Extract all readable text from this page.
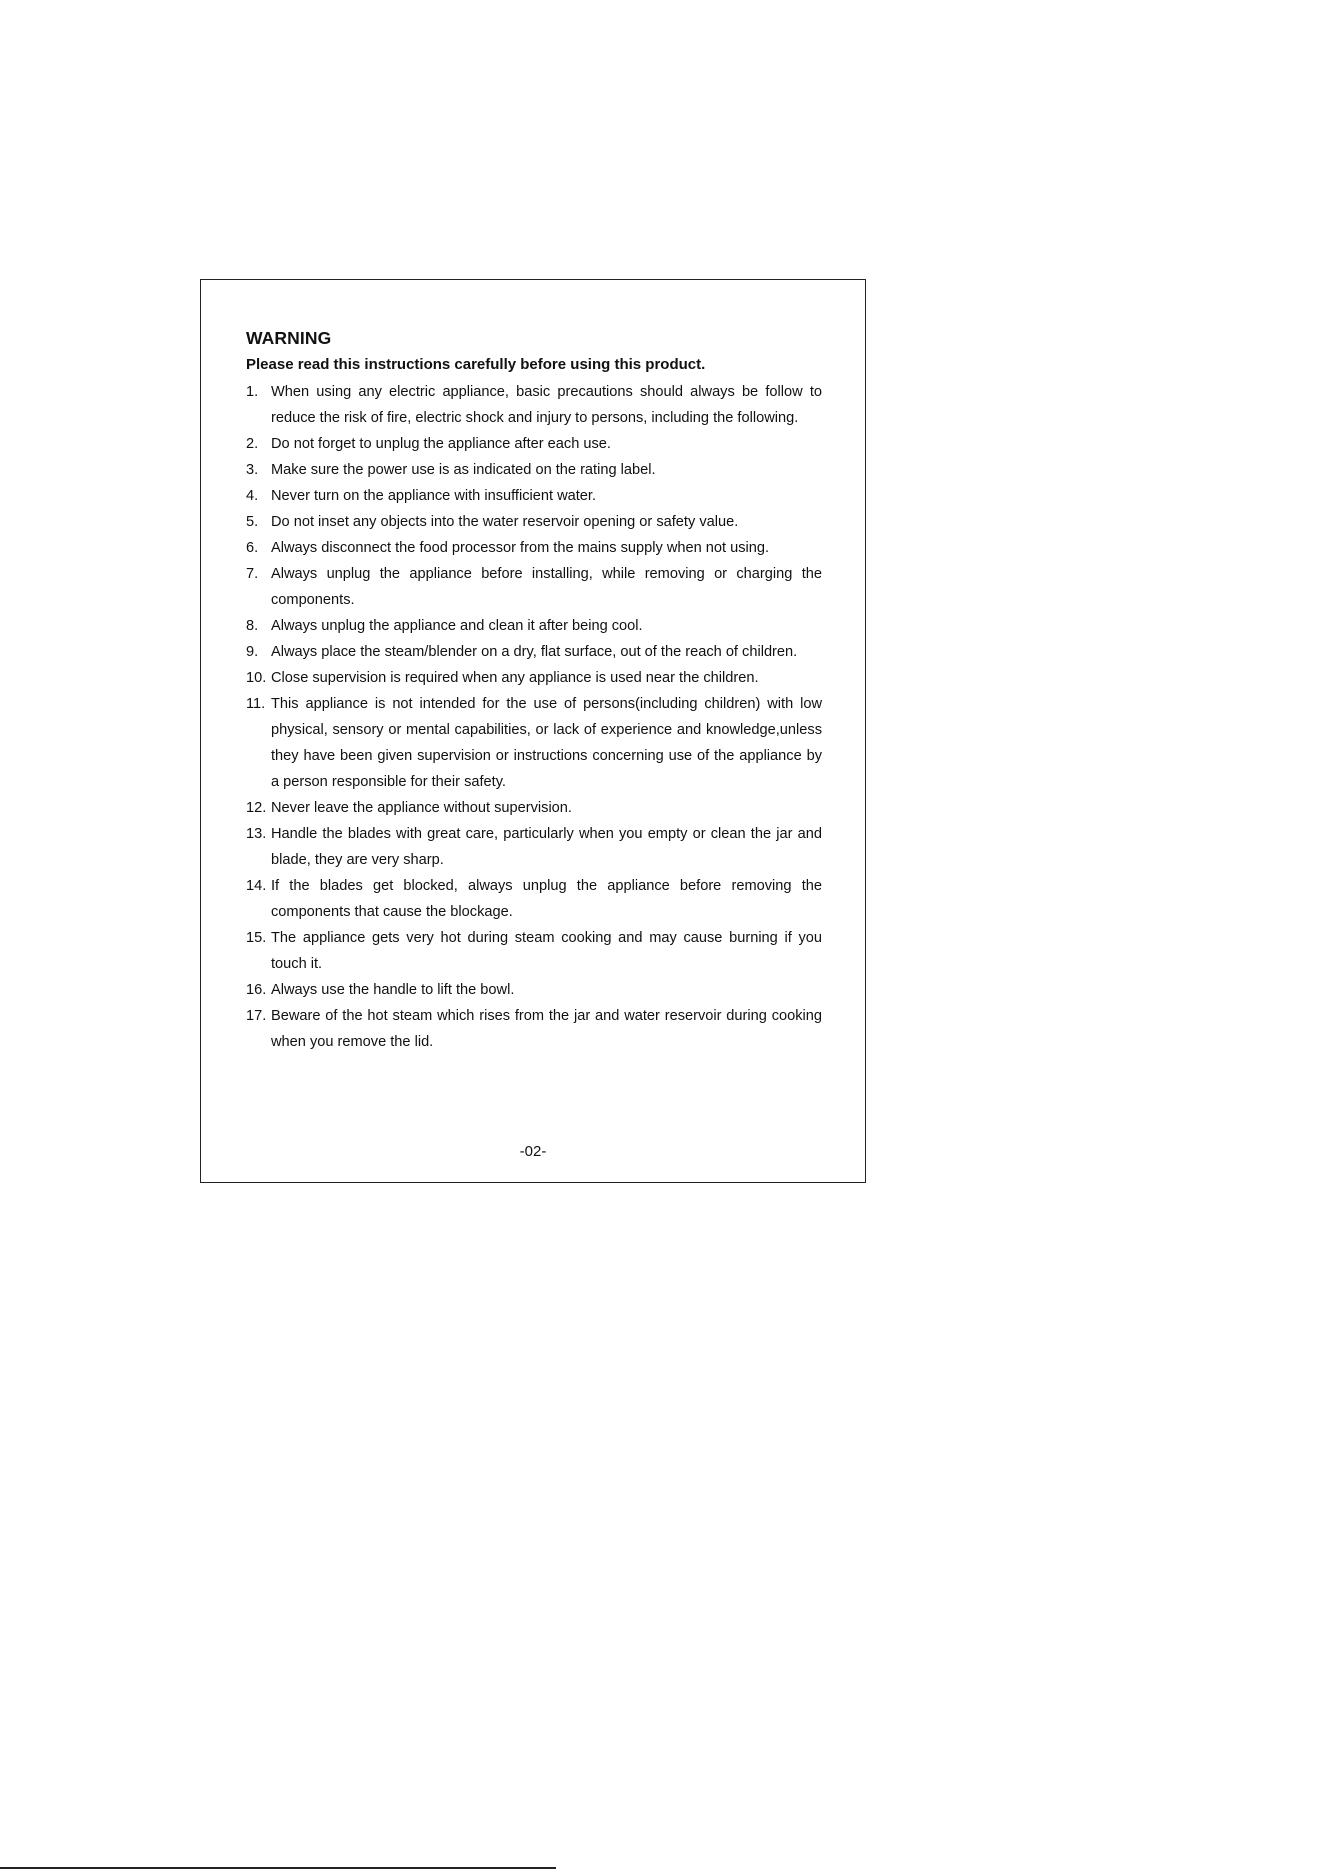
WARNING
Please read this instructions carefully before using this product.
1. When using any electric appliance, basic precautions should always be follow to reduce the risk of fire, electric shock and injury to persons, including the following.
2. Do not forget to unplug the appliance after each use.
3. Make sure the power use is as indicated on the rating label.
4. Never turn on the appliance with insufficient water.
5. Do not inset any objects into the water reservoir opening or safety value.
6. Always disconnect the food processor from the mains supply when not using.
7. Always unplug the appliance before installing, while removing or charging the components.
8. Always unplug the appliance and clean it after being cool.
9. Always place the steam/blender on a dry, flat surface, out of the reach of children.
10. Close supervision is required when any appliance is used near the children.
11. This appliance is not intended for the use of persons(including children) with low physical, sensory or mental capabilities, or lack of experience and knowledge,unless they have been given supervision or instructions concerning use of the appliance by a person responsible for their safety.
12. Never leave the appliance without supervision.
13. Handle the blades with great care, particularly when you empty or clean the jar and blade, they are very sharp.
14. If the blades get blocked, always unplug the appliance before removing the components that cause the blockage.
15. The appliance gets very hot during steam cooking and may cause burning if you touch it.
16. Always use the handle to lift the bowl.
17. Beware of the hot steam which rises from the jar and water reservoir during cooking when you remove the lid.
-02-
